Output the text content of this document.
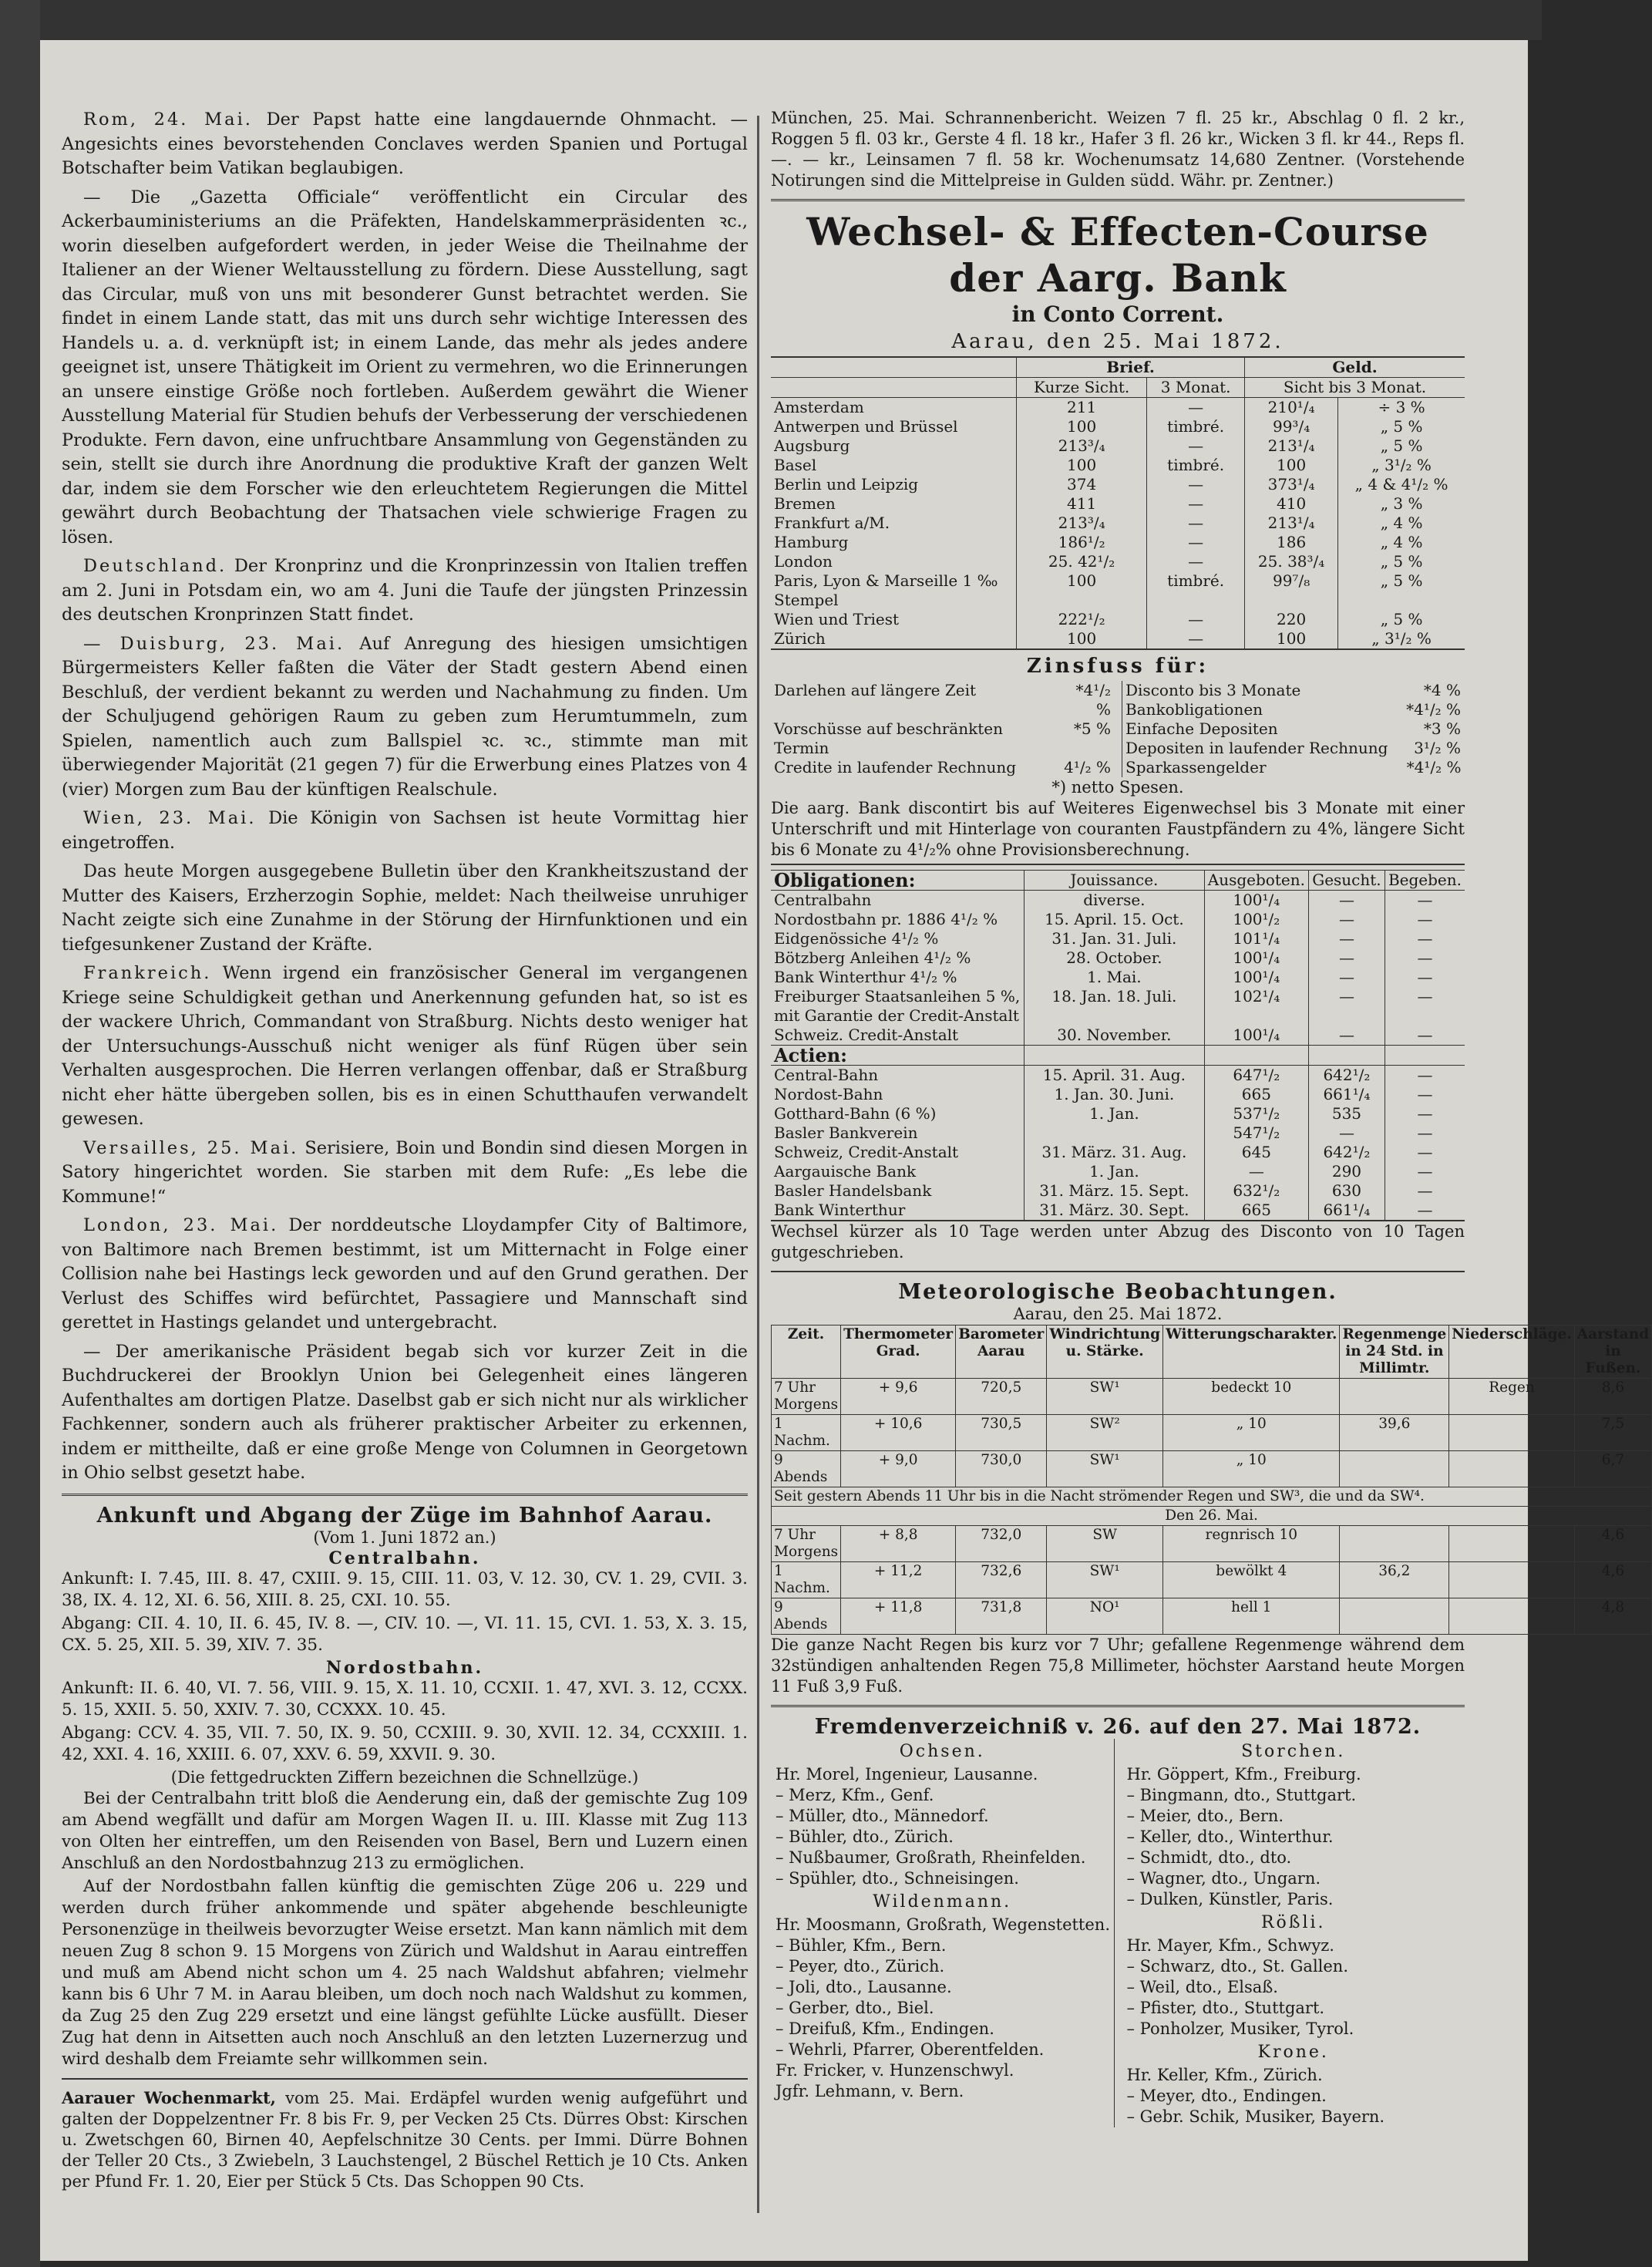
Rom, 24. Mai. Der Papst hatte eine langdauernde Ohnmacht. — Angesichts eines bevorstehenden Conclaves werden Spanien und Portugal Botschafter beim Vatikan beglaubigen.

— Die „Gazetta Officiale“ veröffentlicht ein Circular des Ackerbauministeriums an die Präfekten, Handelskammerpräsidenten ꝛc., worin dieselben aufgefordert werden, in jeder Weise die Theilnahme der Italiener an der Wiener Weltausstellung zu fördern. Diese Ausstellung, sagt das Circular, muß von uns mit besonderer Gunst betrachtet werden. Sie findet in einem Lande statt, das mit uns durch sehr wichtige Interessen des Handels u. a. d. verknüpft ist; in einem Lande, das mehr als jedes andere geeignet ist, unsere Thätigkeit im Orient zu vermehren, wo die Erinnerungen an unsere einstige Größe noch fortleben. Außerdem gewährt die Wiener Ausstellung Material für Studien behufs der Verbesserung der verschiedenen Produkte. Fern davon, eine unfruchtbare Ansammlung von Gegenständen zu sein, stellt sie durch ihre Anordnung die produktive Kraft der ganzen Welt dar, indem sie dem Forscher wie den erleuchtetem Regierungen die Mittel gewährt durch Beobachtung der Thatsachen viele schwierige Fragen zu lösen.

Deutschland. Der Kronprinz und die Kronprinzessin von Italien treffen am 2. Juni in Potsdam ein, wo am 4. Juni die Taufe der jüngsten Prinzessin des deutschen Kronprinzen Statt findet.

— Duisburg, 23. Mai. Auf Anregung des hiesigen umsichtigen Bürgermeisters Keller faßten die Väter der Stadt gestern Abend einen Beschluß, der verdient bekannt zu werden und Nachahmung zu finden. Um der Schuljugend gehörigen Raum zu geben zum Herumtummeln, zum Spielen, namentlich auch zum Ballspiel ꝛc. ꝛc., stimmte man mit überwiegender Majorität (21 gegen 7) für die Erwerbung eines Platzes von 4 (vier) Morgen zum Bau der künftigen Realschule.

Wien, 23. Mai. Die Königin von Sachsen ist heute Vormittag hier eingetroffen.

Das heute Morgen ausgegebene Bulletin über den Krankheitszustand der Mutter des Kaisers, Erzherzogin Sophie, meldet: Nach theilweise unruhiger Nacht zeigte sich eine Zunahme in der Störung der Hirnfunktionen und ein tiefgesunkener Zustand der Kräfte.

Frankreich. Wenn irgend ein französischer General im vergangenen Kriege seine Schuldigkeit gethan und Anerkennung gefunden hat, so ist es der wackere Uhrich, Commandant von Straßburg. Nichts desto weniger hat der Untersuchungs-Ausschuß nicht weniger als fünf Rügen über sein Verhalten ausgesprochen. Die Herren verlangen offenbar, daß er Straßburg nicht eher hätte übergeben sollen, bis es in einen Schutthaufen verwandelt gewesen.

Versailles, 25. Mai. Serisiere, Boin und Bondin sind diesen Morgen in Satory hingerichtet worden. Sie starben mit dem Rufe: „Es lebe die Kommune!“

London, 23. Mai. Der norddeutsche Lloydampfer City of Baltimore, von Baltimore nach Bremen bestimmt, ist um Mitternacht in Folge einer Collision nahe bei Hastings leck geworden und auf den Grund gerathen. Der Verlust des Schiffes wird befürchtet, Passagiere und Mannschaft sind gerettet in Hastings gelandet und untergebracht.

— Der amerikanische Präsident begab sich vor kurzer Zeit in die Buchdruckerei der Brooklyn Union bei Gelegenheit eines längeren Aufenthaltes am dortigen Platze. Daselbst gab er sich nicht nur als wirklicher Fachkenner, sondern auch als früherer praktischer Arbeiter zu erkennen, indem er mittheilte, daß er eine große Menge von Columnen in Georgetown in Ohio selbst gesetzt habe.

Ankunft und Abgang der Züge im Bahnhof Aarau.
(Vom 1. Juni 1872 an.)
Centralbahn.

Ankunft: I. 7.45, III. 8. 47, CXIII. 9. 15, CIII. 11. 03, V. 12. 30, CV. 1. 29, CVII. 3. 38, IX. 4. 12, XI. 6. 56, XIII. 8. 25, CXI. 10. 55.

Abgang: CII. 4. 10, II. 6. 45, IV. 8. —, CIV. 10. —, VI. 11. 15, CVI. 1. 53, X. 3. 15, CX. 5. 25, XII. 5. 39, XIV. 7. 35.

Nordostbahn.

Ankunft: II. 6. 40, VI. 7. 56, VIII. 9. 15, X. 11. 10, CCXII. 1. 47, XVI. 3. 12, CCXX. 5. 15, XXII. 5. 50, XXIV. 7. 30, CCXXX. 10. 45.

Abgang: CCV. 4. 35, VII. 7. 50, IX. 9. 50, CCXIII. 9. 30, XVII. 12. 34, CCXXIII. 1. 42, XXI. 4. 16, XXIII. 6. 07, XXV. 6. 59, XXVII. 9. 30.

(Die fettgedruckten Ziffern bezeichnen die Schnellzüge.)

Bei der Centralbahn tritt bloß die Aenderung ein, daß der gemischte Zug 109 am Abend wegfällt und dafür am Morgen Wagen II. u. III. Klasse mit Zug 113 von Olten her eintreffen, um den Reisenden von Basel, Bern und Luzern einen Anschluß an den Nordostbahnzug 213 zu ermöglichen.

Auf der Nordostbahn fallen künftig die gemischten Züge 206 u. 229 und werden durch früher ankommende und später abgehende beschleunigte Personenzüge in theilweis bevorzugter Weise ersetzt. Man kann nämlich mit dem neuen Zug 8 schon 9. 15 Morgens von Zürich und Waldshut in Aarau eintreffen und muß am Abend nicht schon um 4. 25 nach Waldshut abfahren; vielmehr kann bis 6 Uhr 7 M. in Aarau bleiben, um doch noch nach Waldshut zu kommen, da Zug 25 den Zug 229 ersetzt und eine längst gefühlte Lücke ausfüllt. Dieser Zug hat denn in Aitsetten auch noch Anschluß an den letzten Luzernerzug und wird deshalb dem Freiamte sehr willkommen sein.

Aarauer Wochenmarkt, vom 25. Mai. Erdäpfel wurden wenig aufgeführt und galten der Doppelzentner Fr. 8 bis Fr. 9, per Vecken 25 Cts. Dürres Obst: Kirschen u. Zwetschgen 60, Birnen 40, Aepfelschnitze 30 Cents. per Immi. Dürre Bohnen der Teller 20 Cts., 3 Zwiebeln, 3 Lauchstengel, 2 Büschel Rettich je 10 Cts. Anken per Pfund Fr. 1. 20, Eier per Stück 5 Cts. Das Schoppen 90 Cts.

München, 25. Mai. Schrannenbericht. Weizen 7 fl. 25 kr., Abschlag 0 fl. 2 kr., Roggen 5 fl. 03 kr., Gerste 4 fl. 18 kr., Hafer 3 fl. 26 kr., Wicken 3 fl. kr 44., Reps fl. —. — kr., Leinsamen 7 fl. 58 kr. Wochenumsatz 14,680 Zentner. (Vorstehende Notirungen sind die Mittelpreise in Gulden südd. Währ. pr. Zentner.)

Wechsel- & Effecten-Course der Aarg. Bank
in Conto Corrent.
Aarau, den 25. Mai 1872.
	Brief.		Geld.	
	Kurze Sicht.	3 Monat.	Sicht bis 3 Monat.	
Amsterdam	211	—	210¹/₄	÷ 3 %
Antwerpen und Brüssel	100	timbré.	99³/₄	„ 5 %
Augsburg	213³/₄	—	213¹/₄	„ 5 %
Basel	100	timbré.	100	„ 3¹/₂ %
Berlin und Leipzig	374	—	373¹/₄	„ 4 & 4¹/₂ %
Bremen	411	—	410	„ 3 %
Frankfurt a/M.	213³/₄	—	213¹/₄	„ 4 %
Hamburg	186¹/₂	—	186	„ 4 %
London	25. 42¹/₂	—	25. 38³/₄	„ 5 %
Paris, Lyon & Marseille 1 ‰ Stempel	100	timbré.	99⁷/₈	„ 5 %
Wien und Triest	222¹/₂	—	220	„ 5 %
Zürich	100	—	100	„ 3¹/₂ %
Zinsfuss für:
Darlehen auf längere Zeit	*4¹/₂ %
Vorschüsse auf beschränkten Termin	*5 %
Credite in laufender Rechnung	4¹/₂ %
Disconto bis 3 Monate	*4 %
Bankobligationen	*4¹/₂ %
Einfache Depositen	*3 %
Depositen in laufender Rechnung	3¹/₂ %
Sparkassengelder	*4¹/₂ %
*) netto Spesen.

Die aarg. Bank discontirt bis auf Weiteres Eigenwechsel bis 3 Monate mit einer Unterschrift und mit Hinterlage von couranten Faustpfändern zu 4%, längere Sicht bis 6 Monate zu 4¹/₂% ohne Provisionsberechnung.

Obligationen:	Jouissance.	Ausgeboten.	Gesucht.	Begeben.
Centralbahn	diverse.	100¹/₄	—	—
Nordostbahn pr. 1886 4¹/₂ %	15. April. 15. Oct.	100¹/₂	—	—
Eidgenössiche 4¹/₂ %	31. Jan. 31. Juli.	101¹/₄	—	—
Bötzberg Anleihen 4¹/₂ %	28. October.	100¹/₄	—	—
Bank Winterthur 4¹/₂ %	1. Mai.	100¹/₄	—	—
Freiburger Staatsanleihen 5 %, mit Garantie der Credit-Anstalt	18. Jan. 18. Juli.	102¹/₄	—	—
Schweiz. Credit-Anstalt	30. November.	100¹/₄	—	—
Actien:				
Central-Bahn	15. April. 31. Aug.	647¹/₂	642¹/₂	—
Nordost-Bahn	1. Jan. 30. Juni.	665	661¹/₄	—
Gotthard-Bahn (6 %)	1. Jan.	537¹/₂	535	—
Basler Bankverein		547¹/₂	—	—
Schweiz, Credit-Anstalt	31. März. 31. Aug.	645	642¹/₂	—
Aargauische Bank	1. Jan.	—	290	—
Basler Handelsbank	31. März. 15. Sept.	632¹/₂	630	—
Bank Winterthur	31. März. 30. Sept.	665	661¹/₄	—

Wechsel kürzer als 10 Tage werden unter Abzug des Disconto von 10 Tagen gutgeschrieben.

Meteorologische Beobachtungen.
Aarau, den 25. Mai 1872.
Zeit.	Thermometer Grad.	Barometer Aarau	Windrichtung u. Stärke.	Witterungscharakter.	Regenmenge in 24 Std. in Millimtr.	Niederschläge.	Aarstand in Fußen.
7 Uhr Morgens	+ 9,6	720,5	SW¹	bedeckt 10		Regen	8,6
1 Nachm.	+ 10,6	730,5	SW²	„ 10	39,6		7,5
9 Abends	+ 9,0	730,0	SW¹	„ 10			6,7
Seit gestern Abends 11 Uhr bis in die Nacht strömender Regen und SW³, die und da SW⁴.							
Den 26. Mai.							
7 Uhr Morgens	+ 8,8	732,0	SW	regnrisch 10			4,6
1 Nachm.	+ 11,2	732,6	SW¹	bewölkt 4	36,2		4,6
9 Abends	+ 11,8	731,8	NO¹	hell 1			4,8

Die ganze Nacht Regen bis kurz vor 7 Uhr; gefallene Regenmenge während dem 32stündigen anhaltenden Regen 75,8 Millimeter, höchster Aarstand heute Morgen 11 Fuß 3,9 Fuß.

Fremdenverzeichniß v. 26. auf den 27. Mai 1872.
Ochsen.
Hr. Morel, Ingenieur, Lausanne.
– Merz, Kfm., Genf.
– Müller, dto., Männedorf.
– Bühler, dto., Zürich.
– Nußbaumer, Großrath, Rheinfelden.
– Spühler, dto., Schneisingen.
Wildenmann.
Hr. Moosmann, Großrath, Wegenstetten.
– Bühler, Kfm., Bern.
– Peyer, dto., Zürich.
– Joli, dto., Lausanne.
– Gerber, dto., Biel.
– Dreifuß, Kfm., Endingen.
– Wehrli, Pfarrer, Oberentfelden.
Fr. Fricker, v. Hunzenschwyl.
Jgfr. Lehmann, v. Bern.
Storchen.
Hr. Göppert, Kfm., Freiburg.
– Bingmann, dto., Stuttgart.
– Meier, dto., Bern.
– Keller, dto., Winterthur.
– Schmidt, dto., dto.
– Wagner, dto., Ungarn.
– Dulken, Künstler, Paris.
Rößli.
Hr. Mayer, Kfm., Schwyz.
– Schwarz, dto., St. Gallen.
– Weil, dto., Elsaß.
– Pfister, dto., Stuttgart.
– Ponholzer, Musiker, Tyrol.
Krone.
Hr. Keller, Kfm., Zürich.
– Meyer, dto., Endingen.
– Gebr. Schik, Musiker, Bayern.
